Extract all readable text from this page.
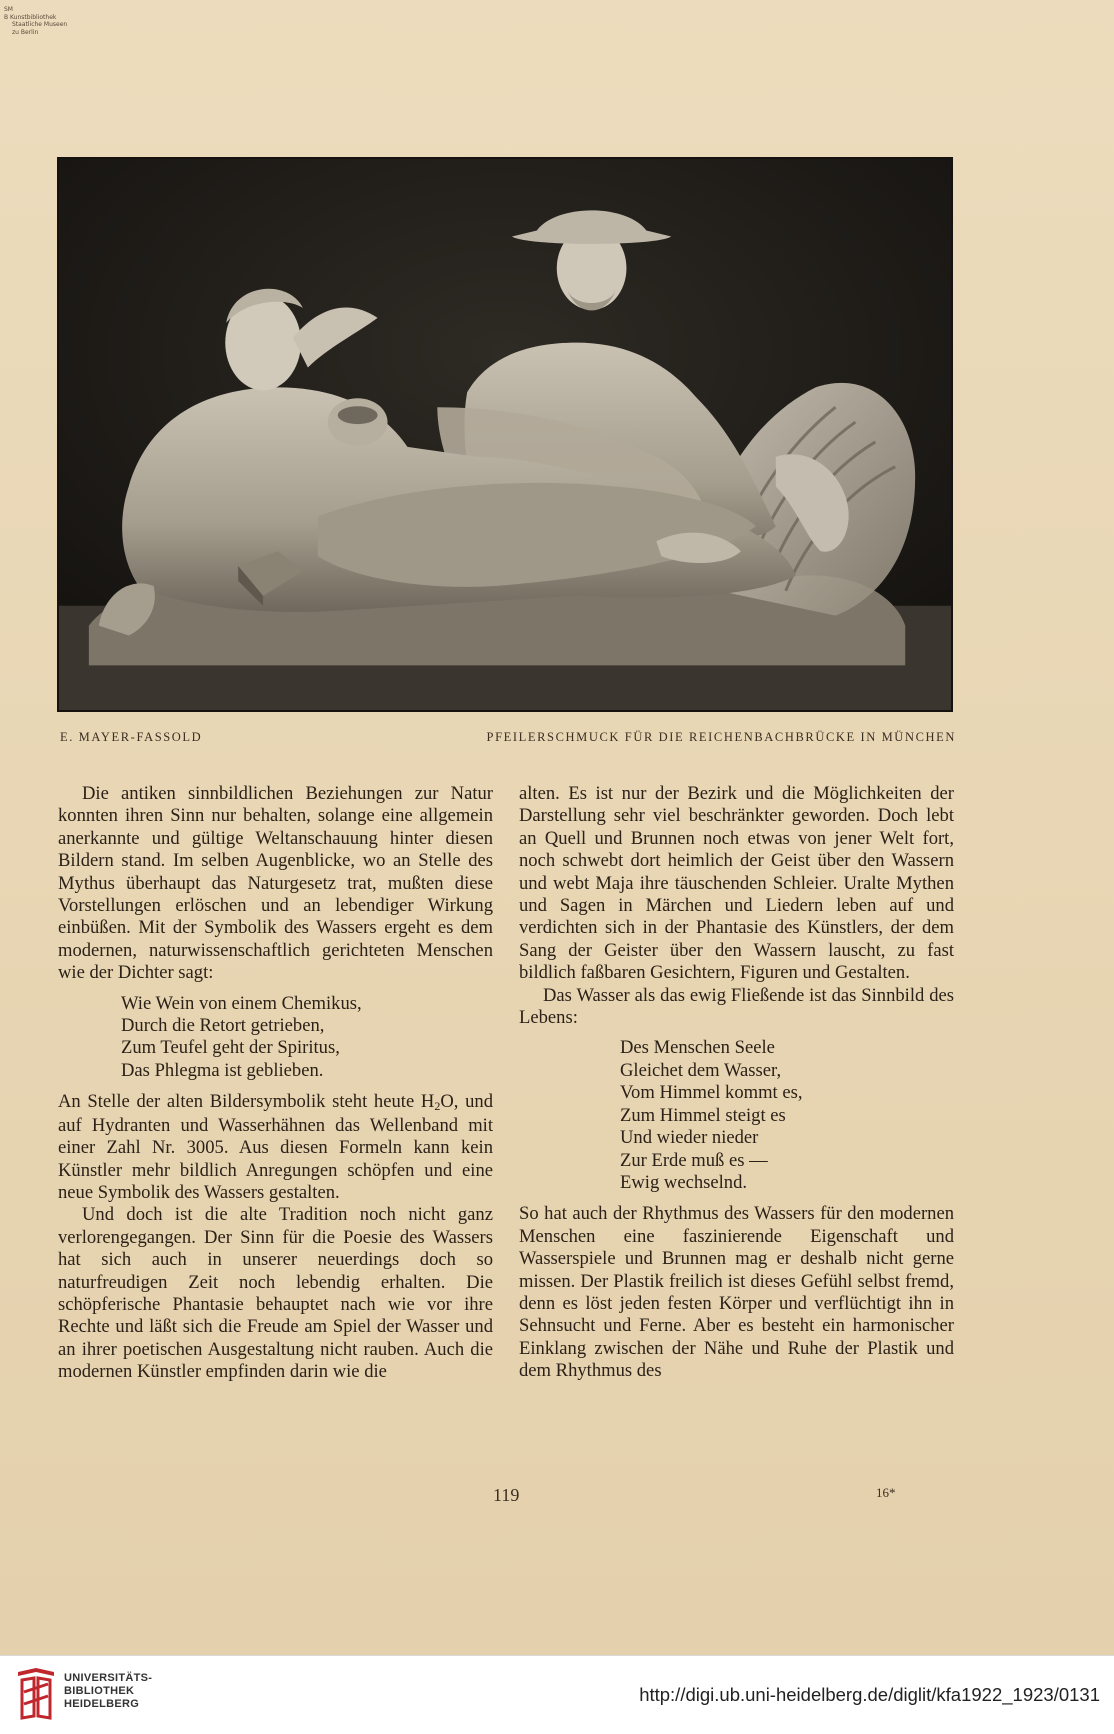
SM
B Kunstbibliothek
Staatliche Museen
zu Berlin
E. MAYER-FASSOLD	PFEILERSCHMUCK FÜR DIE REICHENBACHBRÜCKE IN MÜNCHEN

Die antiken sinnbildlichen Beziehungen zur Natur konnten ihren Sinn nur behalten, solange eine allgemein anerkannte und gültige Weltanschauung hinter diesen Bildern stand. Im selben Augenblicke, wo an Stelle des Mythus überhaupt das Naturgesetz trat, mußten diese Vorstellungen erlöschen und an lebendiger Wirkung einbüßen. Mit der Symbolik des Wassers ergeht es dem modernen, naturwissenschaftlich gerichteten Menschen wie der Dichter sagt:

Wie Wein von einem Chemikus,
Durch die Retort getrieben,
Zum Teufel geht der Spiritus,
Das Phlegma ist geblieben.

An Stelle der alten Bildersymbolik steht heute H2O, und auf Hydranten und Wasserhähnen das Wellenband mit einer Zahl Nr. 3005. Aus diesen Formeln kann kein Künstler mehr bildlich Anregungen schöpfen und eine neue Symbolik des Wassers gestalten.

Und doch ist die alte Tradition noch nicht ganz verlorengegangen. Der Sinn für die Poesie des Wassers hat sich auch in unserer neuerdings doch so naturfreudigen Zeit noch lebendig erhalten. Die schöpferische Phantasie behauptet nach wie vor ihre Rechte und läßt sich die Freude am Spiel der Wasser und an ihrer poetischen Ausgestaltung nicht rauben. Auch die modernen Künstler empfinden darin wie die

alten. Es ist nur der Bezirk und die Möglichkeiten der Darstellung sehr viel beschränkter geworden. Doch lebt an Quell und Brunnen noch etwas von jener Welt fort, noch schwebt dort heimlich der Geist über den Wassern und webt Maja ihre täuschenden Schleier. Uralte Mythen und Sagen in Märchen und Liedern leben auf und verdichten sich in der Phantasie des Künstlers, der dem Sang der Geister über den Wassern lauscht, zu fast bildlich faßbaren Gesichtern, Figuren und Gestalten.

Das Wasser als das ewig Fließende ist das Sinnbild des Lebens:

Des Menschen Seele
Gleichet dem Wasser,
Vom Himmel kommt es,
Zum Himmel steigt es
Und wieder nieder
Zur Erde muß es —
Ewig wechselnd.

So hat auch der Rhythmus des Wassers für den modernen Menschen eine faszinierende Eigenschaft und Wasserspiele und Brunnen mag er deshalb nicht gerne missen. Der Plastik freilich ist dieses Gefühl selbst fremd, denn es löst jeden festen Körper und verflüchtigt ihn in Sehnsucht und Ferne. Aber es besteht ein harmonischer Einklang zwischen der Nähe und Ruhe der Plastik und dem Rhythmus des

119	16*
UNIVERSITÄTS-
BIBLIOTHEK
HEIDELBERG	http://digi.ub.uni-heidelberg.de/diglit/kfa1922_1923/0131
